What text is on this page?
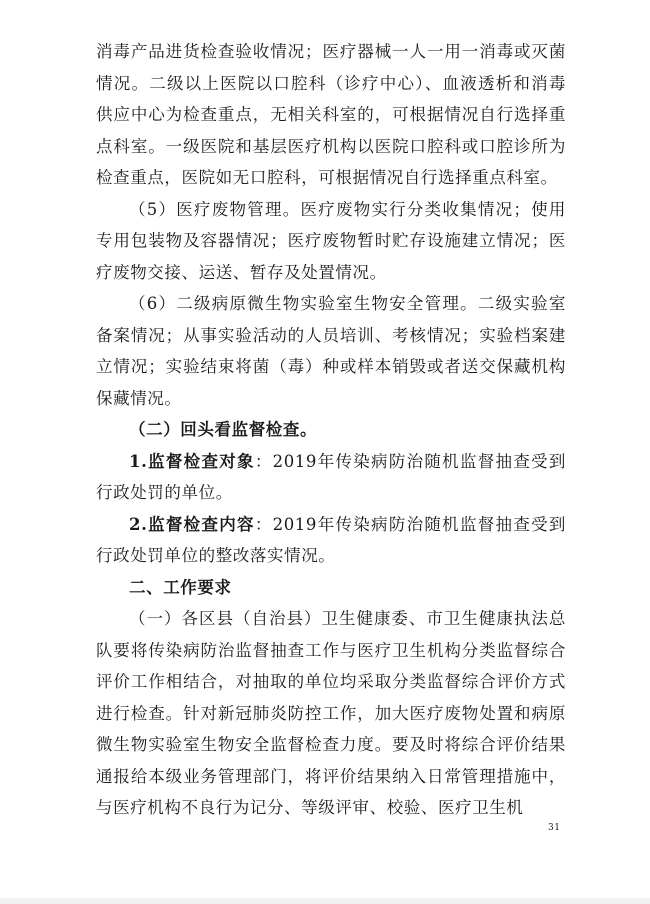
消毒产品进货检查验收情况；医疗器械一人一用一消毒或灭菌情况。二级以上医院以口腔科（诊疗中心）、血液透析和消毒供应中心为检查重点，无相关科室的，可根据情况自行选择重点科室。一级医院和基层医疗机构以医院口腔科或口腔诊所为检查重点，医院如无口腔科，可根据情况自行选择重点科室。

（5）医疗废物管理。医疗废物实行分类收集情况；使用专用包装物及容器情况；医疗废物暂时贮存设施建立情况；医疗废物交接、运送、暂存及处置情况。

（6）二级病原微生物实验室生物安全管理。二级实验室备案情况；从事实验活动的人员培训、考核情况；实验档案建立情况；实验结束将菌（毒）种或样本销毁或者送交保藏机构保藏情况。

（二）回头看监督检查。

1.监督检查对象：2019年传染病防治随机监督抽查受到行政处罚的单位。

2.监督检查内容：2019年传染病防治随机监督抽查受到行政处罚单位的整改落实情况。

二、工作要求

（一）各区县（自治县）卫生健康委、市卫生健康执法总队要将传染病防治监督抽查工作与医疗卫生机构分类监督综合评价工作相结合，对抽取的单位均采取分类监督综合评价方式进行检查。针对新冠肺炎防控工作，加大医疗废物处置和病原微生物实验室生物安全监督检查力度。要及时将综合评价结果通报给本级业务管理部门，将评价结果纳入日常管理措施中，与医疗机构不良行为记分、等级评审、校验、医疗卫生机

31
